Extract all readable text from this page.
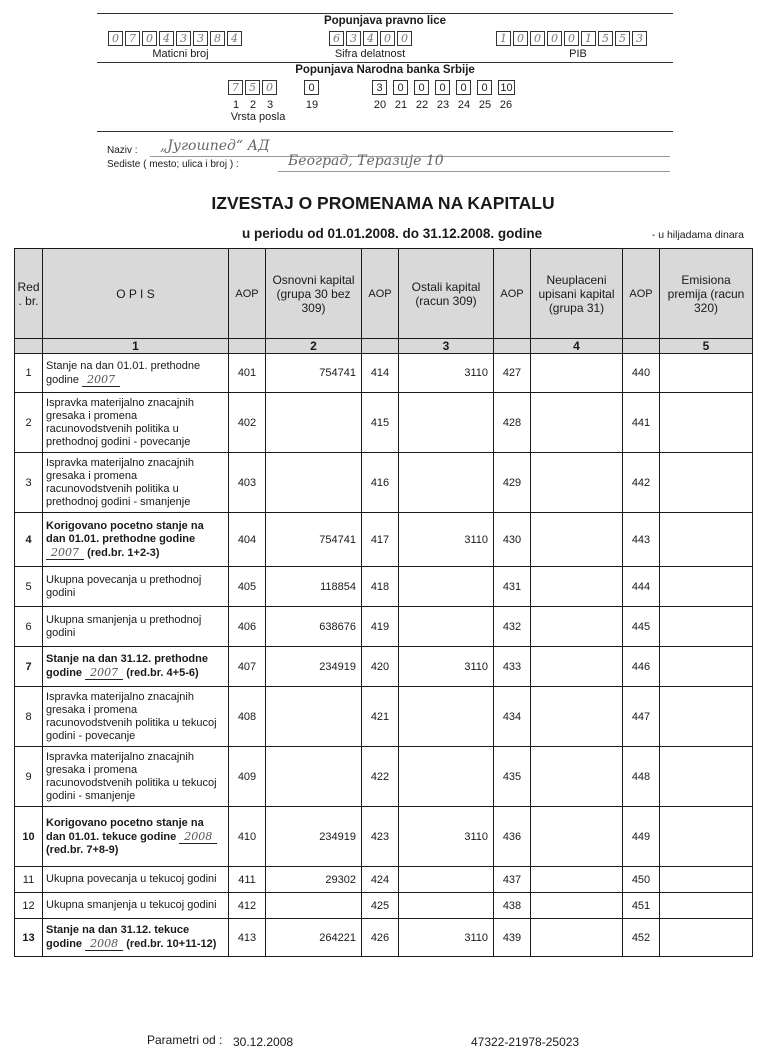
Popunjava pravno lice
0 7 0 4 3 3 8 4
Maticni broj
6 3 4 0 0
Sifra delatnost
1 0 0 0 0 1 5 5 3
PIB
Popunjava Narodna banka Srbije
7 5 0
1 2 3
Vrsta posla
0
19
3	0	0	0	0	0	10
20 21 22 23 24 25 26
Naziv : „Југошпед“ АД
Sediste ( mesto; ulica i broj ) :	Београд, Теразије 10
IZVESTAJ O PROMENAMA NA KAPITALU
u periodu od 01.01.2008. do 31.12.2008. godine	- u hiljadama dinara
Red . br.	O P I S	AOP	Osnovni kapital (grupa 30 bez 309)	AOP	Ostali kapital (racun 309)	AOP	Neuplaceni upisani kapital (grupa 31)	AOP	Emisiona premija (racun 320)
	1		2		3		4		5
1	Stanje na dan 01.01. prethodne godine 2007	401	754741	414	3110	427		440	
2	Ispravka materijalno znacajnih gresaka i promena racunovodstvenih politika u prethodnoj godini - povecanje	402		415		428		441	
3	Ispravka materijalno znacajnih gresaka i promena racunovodstvenih politika u prethodnoj godini - smanjenje	403		416		429		442	
4	Korigovano pocetno stanje na dan 01.01. prethodne godine 2007 (red.br. 1+2-3)	404	754741	417	3110	430		443	
5	Ukupna povecanja u prethodnoj godini	405	118854	418		431		444	
6	Ukupna smanjenja u prethodnoj godini	406	638676	419		432		445	
7	Stanje na dan 31.12. prethodne godine 2007 (red.br. 4+5-6)	407	234919	420	3110	433		446	
8	Ispravka materijalno znacajnih gresaka i promena racunovodstvenih politika u tekucoj godini - povecanje	408		421		434		447	
9	Ispravka materijalno znacajnih gresaka i promena racunovodstvenih politika u tekucoj godini - smanjenje	409		422		435		448	
10	Korigovano pocetno stanje na dan 01.01. tekuce godine 2008 (red.br. 7+8-9)	410	234919	423	3110	436		449	
11	Ukupna povecanja u tekucoj godini	411	29302	424		437		450	
12	Ukupna smanjenja u tekucoj godini	412		425		438		451	
13	Stanje na dan 31.12. tekuce godine 2008 (red.br. 10+11-12)	413	264221	426	3110	439		452	
Parametri od : 30.12.2008	47322-21978-25023
